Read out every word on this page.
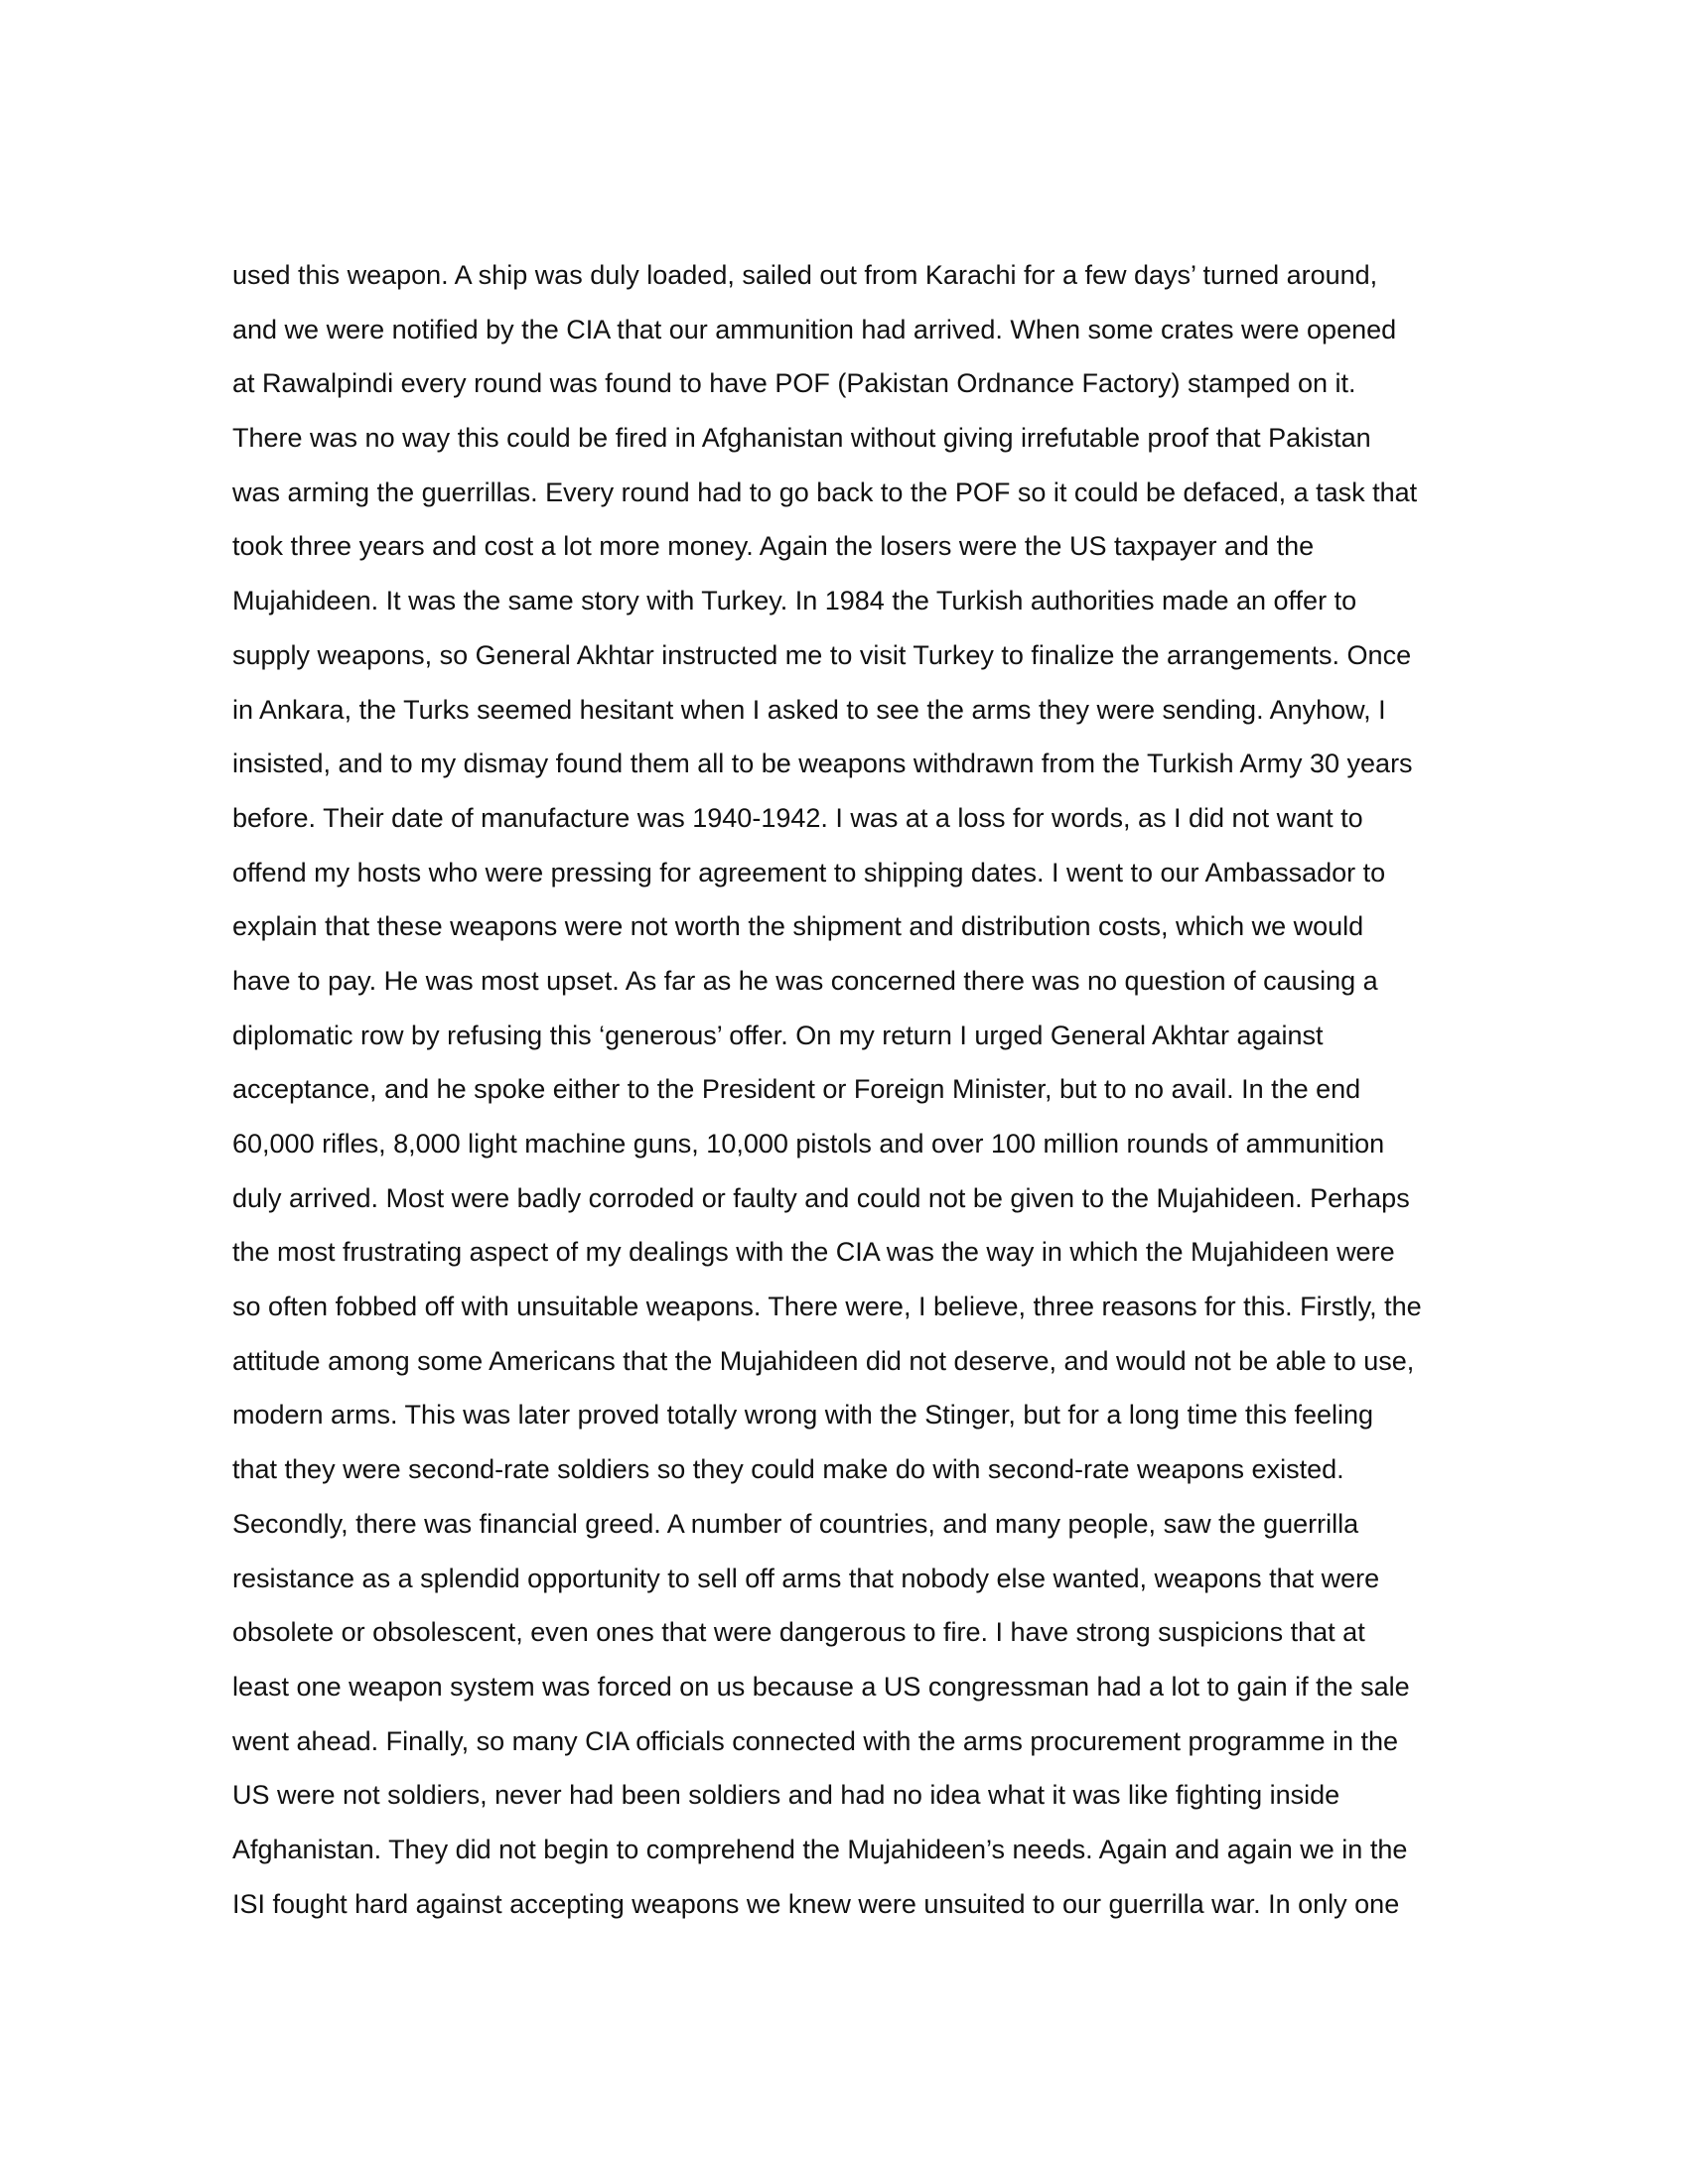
used this weapon. A ship was duly loaded, sailed out from Karachi for a few days’ turned around,
and we were notified by the CIA that our ammunition had arrived. When some crates were opened
at Rawalpindi every round was found to have POF (Pakistan Ordnance Factory) stamped on it.
There was no way this could be fired in Afghanistan without giving irrefutable proof that Pakistan
was arming the guerrillas. Every round had to go back to the POF so it could be defaced, a task that
took three years and cost a lot more money. Again the losers were the US taxpayer and the
Mujahideen. It was the same story with Turkey. In 1984 the Turkish authorities made an offer to
supply weapons, so General Akhtar instructed me to visit Turkey to finalize the arrangements. Once
in Ankara, the Turks seemed hesitant when I asked to see the arms they were sending. Anyhow, I
insisted, and to my dismay found them all to be weapons withdrawn from the Turkish Army 30 years
before. Their date of manufacture was 1940-1942. I was at a loss for words, as I did not want to
offend my hosts who were pressing for agreement to shipping dates. I went to our Ambassador to
explain that these weapons were not worth the shipment and distribution costs, which we would
have to pay. He was most upset. As far as he was concerned there was no question of causing a
diplomatic row by refusing this ‘generous’ offer. On my return I urged General Akhtar against
acceptance, and he spoke either to the President or Foreign Minister, but to no avail. In the end
60,000 rifles, 8,000 light machine guns, 10,000 pistols and over 100 million rounds of ammunition
duly arrived. Most were badly corroded or faulty and could not be given to the Mujahideen. Perhaps
the most frustrating aspect of my dealings with the CIA was the way in which the Mujahideen were
so often fobbed off with unsuitable weapons. There were, I believe, three reasons for this. Firstly, the
attitude among some Americans that the Mujahideen did not deserve, and would not be able to use,
modern arms. This was later proved totally wrong with the Stinger, but for a long time this feeling
that they were second-rate soldiers so they could make do with second-rate weapons existed.
Secondly, there was financial greed. A number of countries, and many people, saw the guerrilla
resistance as a splendid opportunity to sell off arms that nobody else wanted, weapons that were
obsolete or obsolescent, even ones that were dangerous to fire. I have strong suspicions that at
least one weapon system was forced on us because a US congressman had a lot to gain if the sale
went ahead. Finally, so many CIA officials connected with the arms procurement programme in the
US were not soldiers, never had been soldiers and had no idea what it was like fighting inside
Afghanistan. They did not begin to comprehend the Mujahideen’s needs. Again and again we in the
ISI fought hard against accepting weapons we knew were unsuited to our guerrilla war. In only one
